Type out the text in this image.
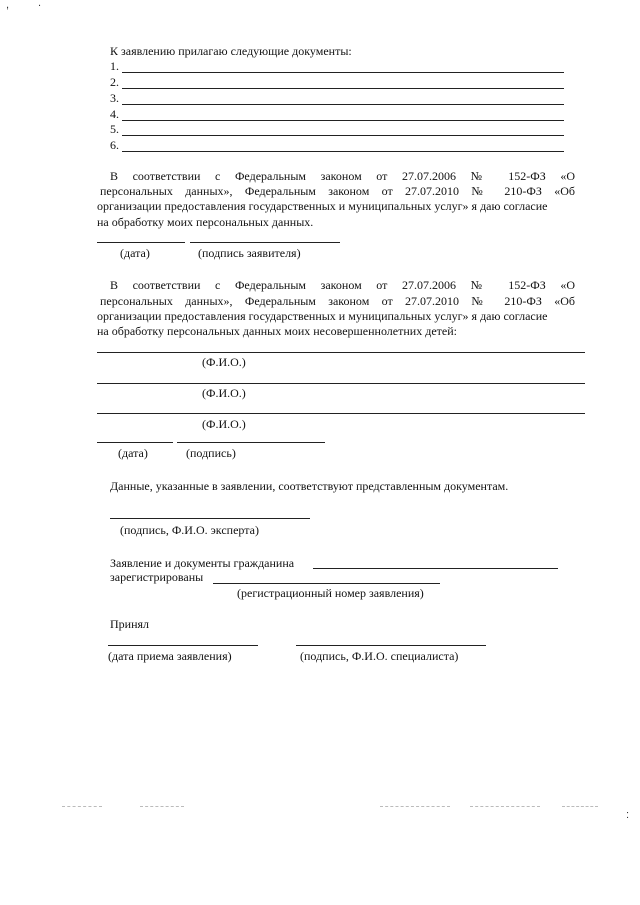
,	.
К заявлению прилагаю следующие документы:
1.
2.
3.
4.
5.
6.
В соответствии с Федеральным законом от 27.07.2006 № 152-ФЗ «О
персональных данных», Федеральным законом от 27.07.2010 № 210-ФЗ «Об
организации предоставления государственных и муниципальных услуг» я даю согласие
на обработку моих персональных данных.
(дата)	(подпись заявителя)
В соответствии с Федеральным законом от 27.07.2006 № 152-ФЗ «О
персональных данных», Федеральным законом от 27.07.2010 № 210-ФЗ «Об
организации предоставления государственных и муниципальных услуг» я даю согласие
на обработку персональных данных моих несовершеннолетних детей:
(Ф.И.О.)
(Ф.И.О.)
(Ф.И.О.)
(дата)	(подпись)
Данные, указанные в заявлении, соответствуют представленным документам.
(подпись, Ф.И.О. эксперта)
Заявление и документы гражданина
зарегистрированы
(регистрационный номер заявления)
Принял
(дата приема заявления)	(подпись, Ф.И.О. специалиста)
:
